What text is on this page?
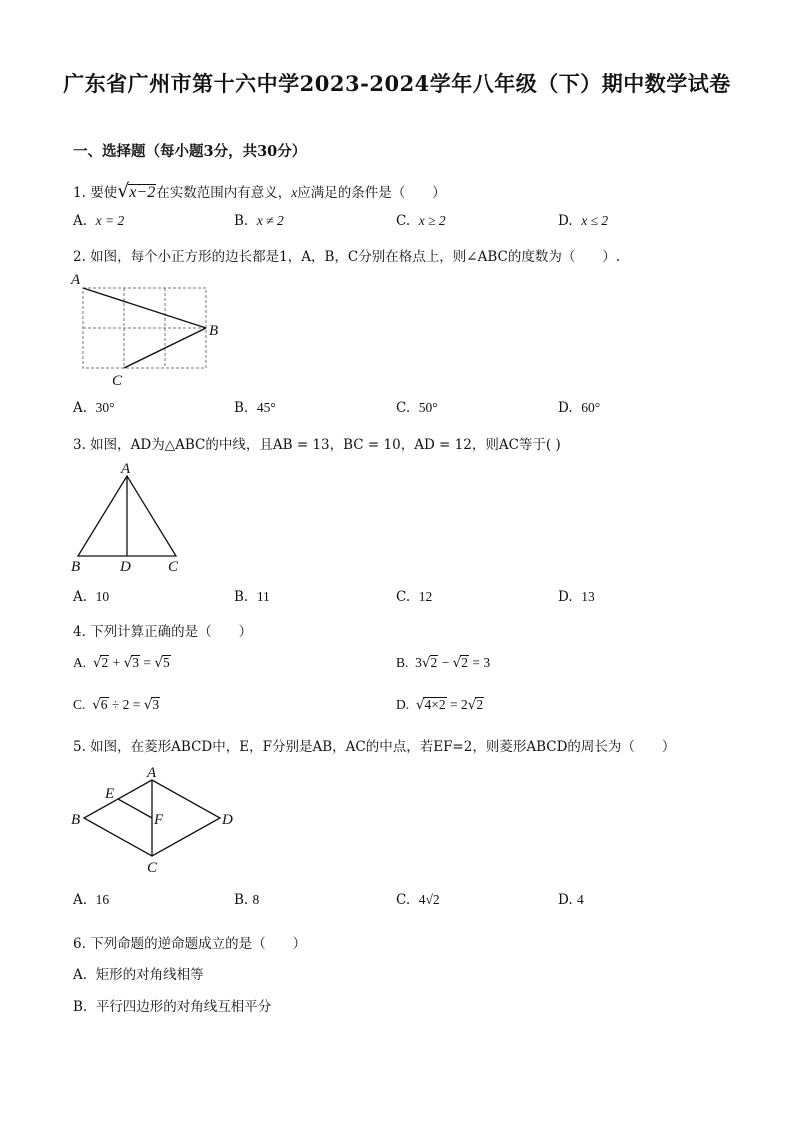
广东省广州市第十六中学2023-2024学年八年级（下）期中数学试卷
一、选择题（每小题3分，共30分）
1. 要使√x−2在实数范围内有意义，x应满足的条件是（　　）
A. x = 2	B. x ≠ 2	C. x ≥ 2	D. x ≤ 2
2. 如图，每个小正方形的边长都是1，A，B，C分别在格点上，则∠ABC的度数为（　　）.
A
B
C
A. 30°	B. 45°	C. 50°	D. 60°
3. 如图，AD为△ABC的中线，且AB = 13，BC = 10，AD = 12，则AC等于( )
A
B	D C
A. 10	B. 11	C. 12	D. 13
4. 下列计算正确的是（　　）
A. √2 + √3 = √5	B.  3√2 − √2 = 3
C. √6 ÷ 2 = √3	D. √4×2 = 2√2
5. 如图，在菱形ABCD中，E，F分别是AB，AC的中点，若EF=2，则菱形ABCD的周长为（　　）
A
E
B	F	D
C
A. 16	B. 8	C. 4√2	D. 4
6. 下列命题的逆命题成立的是（　　）
A. 矩形的对角线相等
B. 平行四边形的对角线互相平分
